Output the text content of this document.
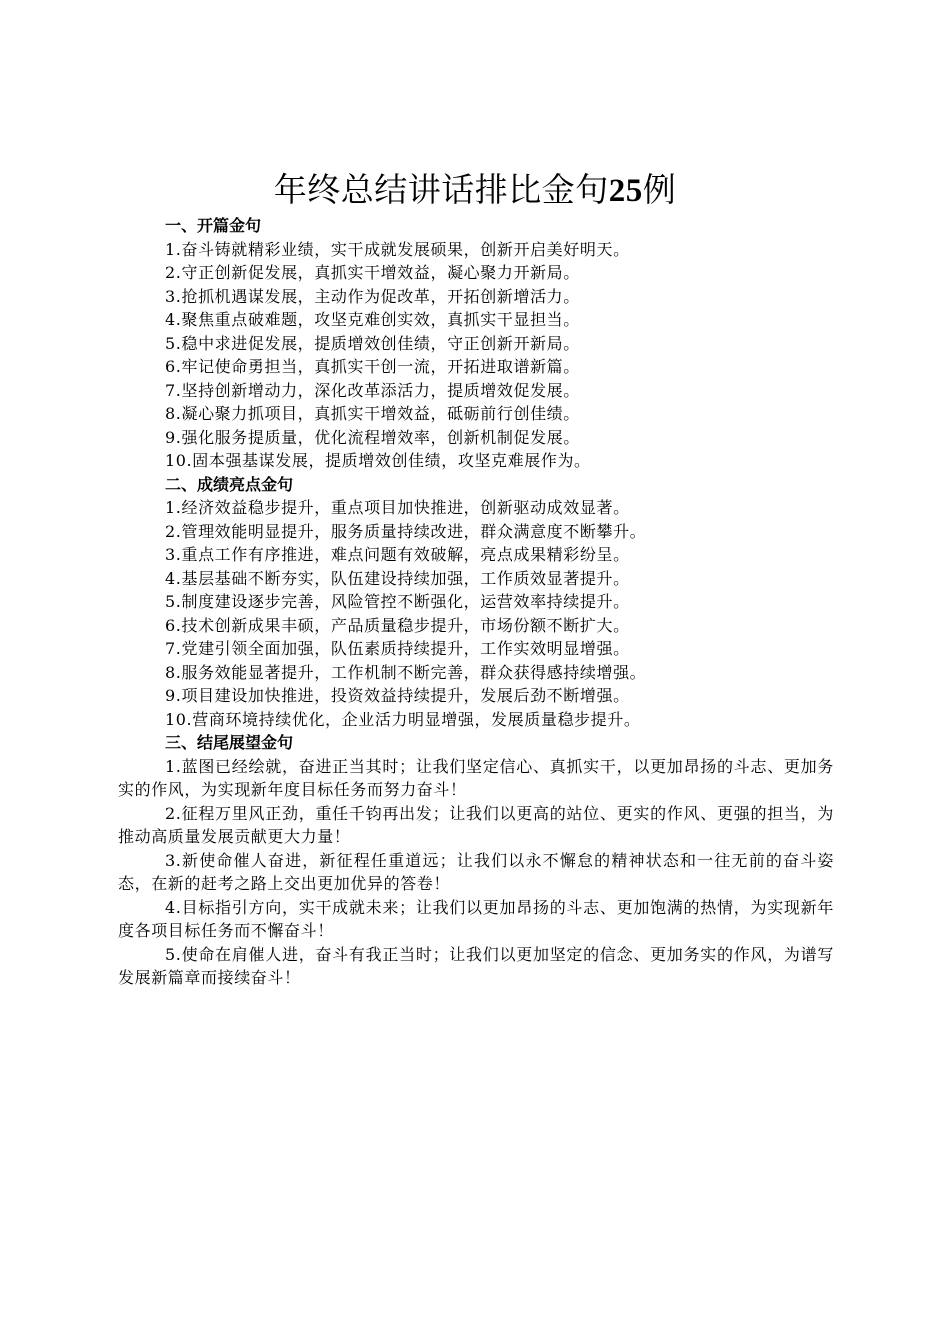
年终总结讲话排比金句25例
一、开篇金句
1.奋斗铸就精彩业绩，实干成就发展硕果，创新开启美好明天。
2.守正创新促发展，真抓实干增效益，凝心聚力开新局。
3.抢抓机遇谋发展，主动作为促改革，开拓创新增活力。
4.聚焦重点破难题，攻坚克难创实效，真抓实干显担当。
5.稳中求进促发展，提质增效创佳绩，守正创新开新局。
6.牢记使命勇担当，真抓实干创一流，开拓进取谱新篇。
7.坚持创新增动力，深化改革添活力，提质增效促发展。
8.凝心聚力抓项目，真抓实干增效益，砥砺前行创佳绩。
9.强化服务提质量，优化流程增效率，创新机制促发展。
10.固本强基谋发展，提质增效创佳绩，攻坚克难展作为。
二、成绩亮点金句
1.经济效益稳步提升，重点项目加快推进，创新驱动成效显著。
2.管理效能明显提升，服务质量持续改进，群众满意度不断攀升。
3.重点工作有序推进，难点问题有效破解，亮点成果精彩纷呈。
4.基层基础不断夯实，队伍建设持续加强，工作质效显著提升。
5.制度建设逐步完善，风险管控不断强化，运营效率持续提升。
6.技术创新成果丰硕，产品质量稳步提升，市场份额不断扩大。
7.党建引领全面加强，队伍素质持续提升，工作实效明显增强。
8.服务效能显著提升，工作机制不断完善，群众获得感持续增强。
9.项目建设加快推进，投资效益持续提升，发展后劲不断增强。
10.营商环境持续优化，企业活力明显增强，发展质量稳步提升。
三、结尾展望金句
1.蓝图已经绘就，奋进正当其时；让我们坚定信心、真抓实干，以更加昂扬的斗志、更加务实的作风，为实现新年度目标任务而努力奋斗！
2.征程万里风正劲，重任千钧再出发；让我们以更高的站位、更实的作风、更强的担当，为推动高质量发展贡献更大力量！
3.新使命催人奋进，新征程任重道远；让我们以永不懈怠的精神状态和一往无前的奋斗姿态，在新的赶考之路上交出更加优异的答卷！
4.目标指引方向，实干成就未来；让我们以更加昂扬的斗志、更加饱满的热情，为实现新年度各项目标任务而不懈奋斗！
5.使命在肩催人进，奋斗有我正当时；让我们以更加坚定的信念、更加务实的作风，为谱写发展新篇章而接续奋斗！
